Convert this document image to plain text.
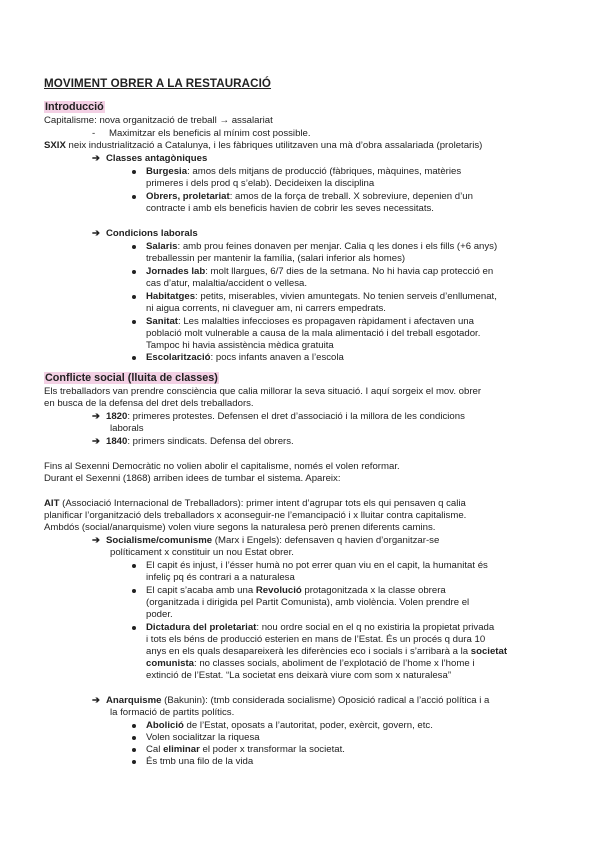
MOVIMENT OBRER A LA RESTAURACIÓ
Introducció
Capitalisme: nova organització de treball → assalariat
- Maximitzar els beneficis al mínim cost possible.
SXIX neix industrialització a Catalunya, i les fàbriques utilitzaven una mà d’obra assalariada (proletaris)
➔ Classes antagòniques
Burgesia: amos dels mitjans de producció (fàbriques, màquines, matèries
primeres i dels prod q s’elab). Decideixen la disciplina
Obrers, proletariat: amos de la força de treball. X sobreviure, depenien d’un
contracte i amb els beneficis havien de cobrir les seves necessitats.
➔ Condicions laborals
Salaris: amb prou feines donaven per menjar. Calia q les dones i els fills (+6 anys)
treballessin per mantenir la família, (salari inferior als homes)
Jornades lab: molt llargues, 6/7 dies de la setmana. No hi havia cap protecció en
cas d’atur, malaltia/accident o vellesa.
Habitatges: petits, miserables, vivien amuntegats. No tenien serveis d’enllumenat,
ni aigua corrents, ni claveguer am, ni carrers empedrats.
Sanitat: Les malalties infeccioses es propagaven ràpidament i afectaven una
població molt vulnerable a causa de la mala alimentació i del treball esgotador.
Tampoc hi havia assistència mèdica gratuita
Escolarització: pocs infants anaven a l’escola
Conflicte social (lluita de classes)
Els treballadors van prendre consciència que calia millorar la seva situació. I aquí sorgeix el mov. obrer
en busca de la defensa del dret dels treballadors.
➔ 1820: primeres protestes. Defensen el dret d’associació i la millora de les condicions
laborals
➔ 1840: primers sindicats. Defensa del obrers.
Fins al Sexenni Democràtic no volien abolir el capitalisme, només el volen reformar.
Durant el Sexenni (1868) arriben idees de tumbar el sistema. Apareix:
AIT (Associació Internacional de Treballadors): primer intent d’agrupar tots els qui pensaven q calia
planificar l’organització dels treballadors x aconseguir-ne l’emancipació i x lluitar contra capitalisme.
Ambdós (social/anarquisme) volen viure segons la naturalesa però prenen diferents camins.
➔ Socialisme/comunisme (Marx i Engels): defensaven q havien d’organitzar-se
políticament x constituir un nou Estat obrer.
El capit és injust, i l’ésser humà no pot errer quan viu en el capit, la humanitat és
infeliç pq és contrari a a naturalesa
El capit s’acaba amb una Revolució protagonitzada x la classe obrera
(organitzada i dirigida pel Partit Comunista), amb violència. Volen prendre el
poder.
Dictadura del proletariat: nou ordre social en el q no existiria la propietat privada
i tots els béns de producció esterien en mans de l’Estat. És un procés q dura 10
anys en els quals desapareixerà les diferències eco i socials i s’arribarà a la societat
comunista: no classes socials, aboliment de l’explotació de l’home x l’home i
extinció de l’Estat. “La societat ens deixarà viure com som x naturalesa”
➔ Anarquisme (Bakunin): (tmb considerada socialisme) Oposició radical a l’acció política i a
la formació de partits polítics.
Abolició de l’Estat, oposats a l’autoritat, poder, exèrcit, govern, etc.
Volen socialitzar la riquesa
Cal eliminar el poder x transformar la societat.
És tmb una filo de la vida
